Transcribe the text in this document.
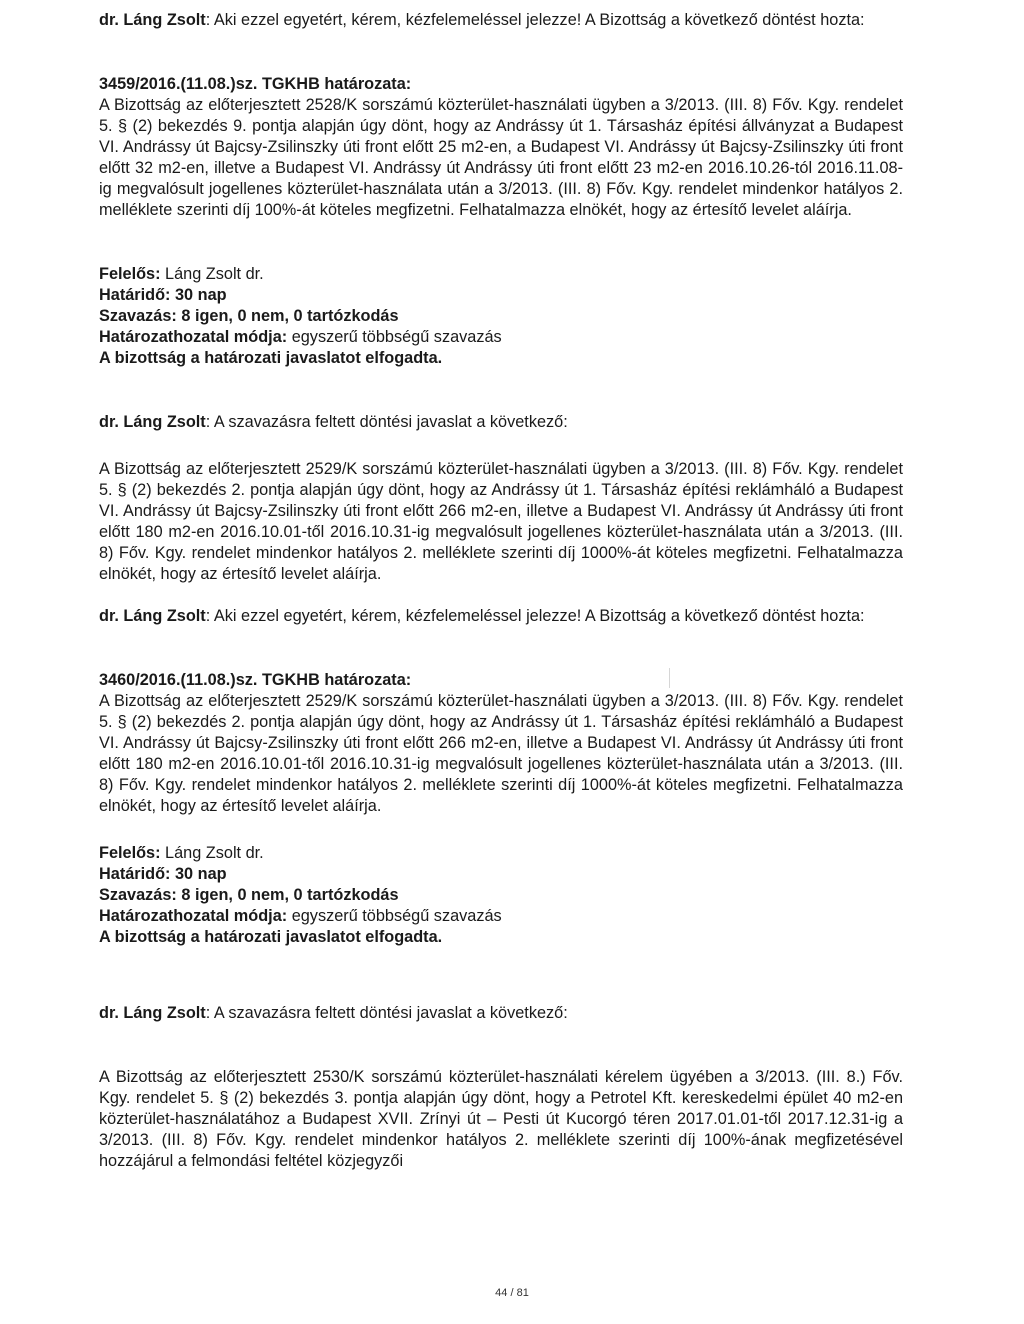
dr. Láng Zsolt: Aki ezzel egyetért, kérem, kézfelemeléssel jelezze! A Bizottság a következő döntést hozta:

3459/2016.(11.08.)sz. TGKHB határozata:

A Bizottság az előterjesztett 2528/K sorszámú közterület-használati ügyben a 3/2013. (III. 8) Főv. Kgy. rendelet 5. § (2) bekezdés 9. pontja alapján úgy dönt, hogy az Andrássy út 1. Társasház építési állványzat a Budapest VI. Andrássy út Bajcsy-Zsilinszky úti front előtt 25 m2-en, a Budapest VI. Andrássy út Bajcsy-Zsilinszky úti front előtt 32 m2-en, illetve a Budapest VI. Andrássy út Andrássy úti front előtt 23 m2-en 2016.10.26-tól 2016.11.08-ig megvalósult jogellenes közterület-használata után a 3/2013. (III. 8) Főv. Kgy. rendelet mindenkor hatályos 2. melléklete szerinti díj 100%-át köteles megfizetni. Felhatalmazza elnökét, hogy az értesítő levelet aláírja.

Felelős: Láng Zsolt dr.

Határidő: 30 nap

Szavazás: 8 igen, 0 nem, 0 tartózkodás

Határozathozatal módja: egyszerű többségű szavazás

A bizottság a határozati javaslatot elfogadta.

dr. Láng Zsolt: A szavazásra feltett döntési javaslat a következő:

A Bizottság az előterjesztett 2529/K sorszámú közterület-használati ügyben a 3/2013. (III. 8) Főv. Kgy. rendelet 5. § (2) bekezdés 2. pontja alapján úgy dönt, hogy az Andrássy út 1. Társasház építési reklámháló a Budapest VI. Andrássy út Bajcsy-Zsilinszky úti front előtt 266 m2-en, illetve a Budapest VI. Andrássy út Andrássy úti front előtt 180 m2-en 2016.10.01-től 2016.10.31-ig megvalósult jogellenes közterület-használata után a 3/2013. (III. 8) Főv. Kgy. rendelet mindenkor hatályos 2. melléklete szerinti díj 1000%-át köteles megfizetni. Felhatalmazza elnökét, hogy az értesítő levelet aláírja.

dr. Láng Zsolt: Aki ezzel egyetért, kérem, kézfelemeléssel jelezze! A Bizottság a következő döntést hozta:

3460/2016.(11.08.)sz. TGKHB határozata:

A Bizottság az előterjesztett 2529/K sorszámú közterület-használati ügyben a 3/2013. (III. 8) Főv. Kgy. rendelet 5. § (2) bekezdés 2. pontja alapján úgy dönt, hogy az Andrássy út 1. Társasház építési reklámháló a Budapest VI. Andrássy út Bajcsy-Zsilinszky úti front előtt 266 m2-en, illetve a Budapest VI. Andrássy út Andrássy úti front előtt 180 m2-en 2016.10.01-től 2016.10.31-ig megvalósult jogellenes közterület-használata után a 3/2013. (III. 8) Főv. Kgy. rendelet mindenkor hatályos 2. melléklete szerinti díj 1000%-át köteles megfizetni. Felhatalmazza elnökét, hogy az értesítő levelet aláírja.

Felelős: Láng Zsolt dr.

Határidő: 30 nap

Szavazás: 8 igen, 0 nem, 0 tartózkodás

Határozathozatal módja: egyszerű többségű szavazás

A bizottság a határozati javaslatot elfogadta.

dr. Láng Zsolt: A szavazásra feltett döntési javaslat a következő:

A Bizottság az előterjesztett 2530/K sorszámú közterület-használati kérelem ügyében a 3/2013. (III. 8.) Főv. Kgy. rendelet 5. § (2) bekezdés 3. pontja alapján úgy dönt, hogy a Petrotel Kft. kereskedelmi épület 40 m2-en közterület-használatához a Budapest XVII. Zrínyi út – Pesti út Kucorgó téren 2017.01.01-től 2017.12.31-ig a 3/2013. (III. 8) Főv. Kgy. rendelet mindenkor hatályos 2. melléklete szerinti díj 100%-ának megfizetésével hozzájárul a felmondási feltétel közjegyzői

44 / 81
